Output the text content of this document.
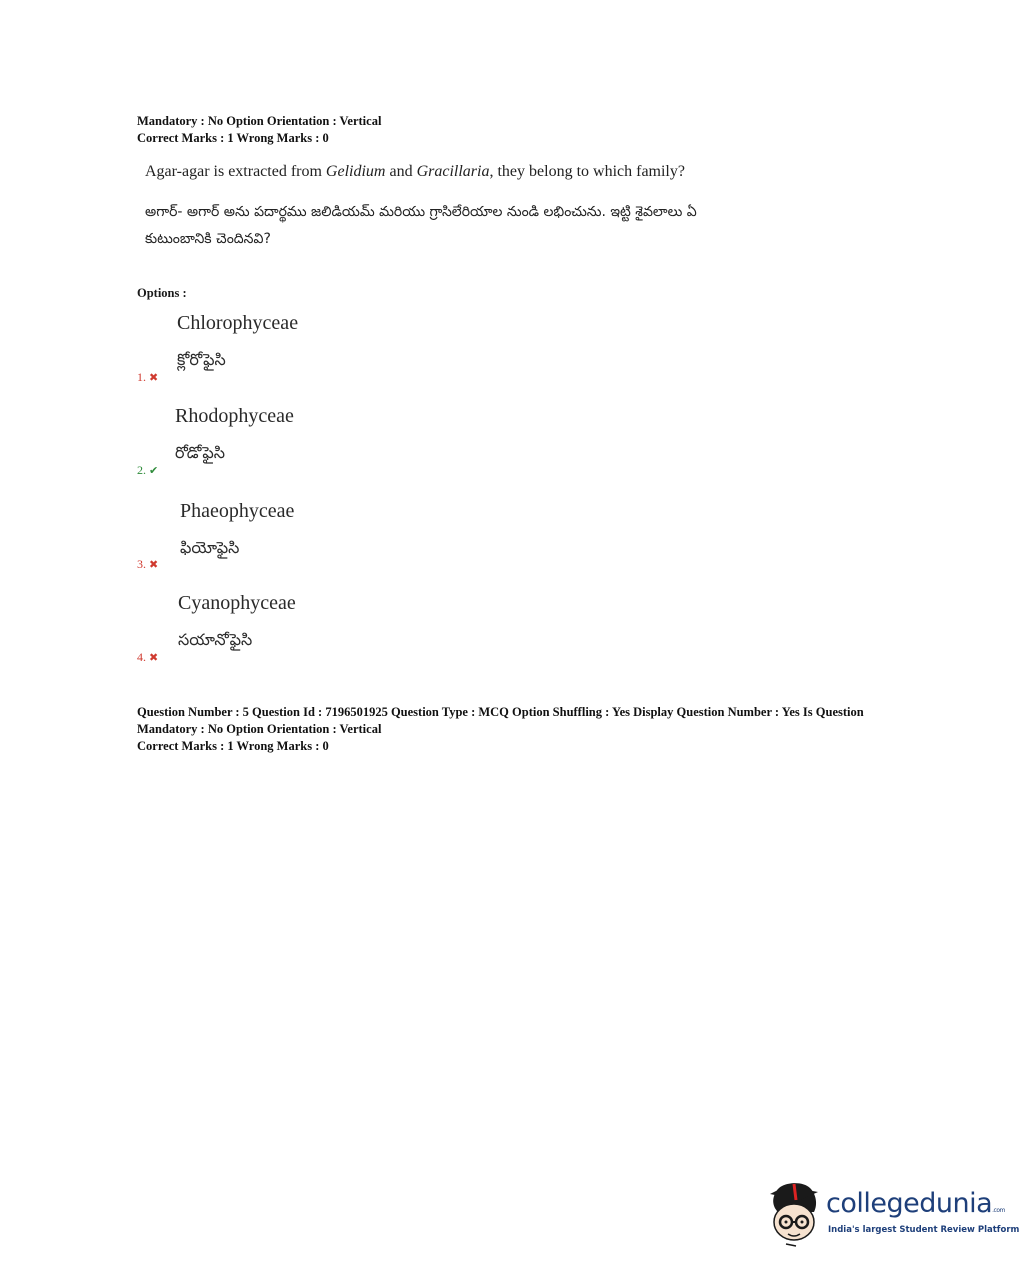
Mandatory : No Option Orientation : Vertical
Correct Marks : 1 Wrong Marks : 0

Agar-agar is extracted from Gelidium and Gracillaria, they belong to which family?

అగార్- అగార్ అను పదార్థము జలిడియమ్ మరియు గ్రాసిలేరియాల నుండి లభించును. ఇట్టి శైవలాలు ఏ కుటుంబానికి చెందినవి?
Options :
Chlorophyceae
క్లోరోఫైసి
1. ✖
Rhodophyceae
రోడోఫైసి
2. ✔
Phaeophyceae
ఫియోఫైసి
3. ✖
Cyanophyceae
సయానోఫైసి
4. ✖
Question Number : 5 Question Id : 7196501925 Question Type : MCQ Option Shuffling : Yes Display Question Number : Yes Is Question
Mandatory : No Option Orientation : Vertical
Correct Marks : 1 Wrong Marks : 0
collegedunia.com
India's largest Student Review Platform
